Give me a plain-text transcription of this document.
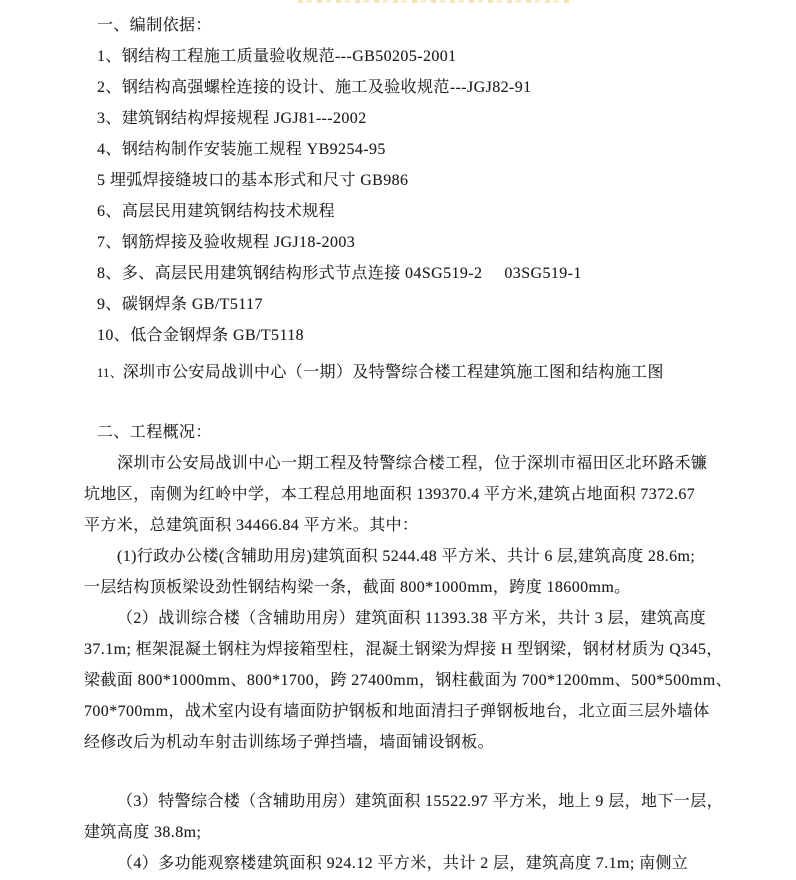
一、编制依据：
1、钢结构工程施工质量验收规范---GB50205-2001
2、钢结构高强螺栓连接的设计、施工及验收规范---JGJ82-91
3、建筑钢结构焊接规程 JGJ81---2002
4、钢结构制作安装施工规程 YB9254-95
5 埋弧焊接缝坡口的基本形式和尺寸 GB986
6、高层民用建筑钢结构技术规程
7、钢筋焊接及验收规程 JGJ18-2003
8、多、高层民用建筑钢结构形式节点连接 04SG519-2     03SG519-1
9、碳钢焊条 GB/T5117
10、低合金钢焊条 GB/T5118
11、深圳市公安局战训中心（一期）及特警综合楼工程建筑施工图和结构施工图
二、工程概况：
深圳市公安局战训中心一期工程及特警综合楼工程，位于深圳市福田区北环路禾镰
坑地区，南侧为红岭中学，本工程总用地面积 139370.4 平方米,建筑占地面积 7372.67
平方米，总建筑面积 34466.84 平方米。其中：
(1)行政办公楼(含辅助用房)建筑面积 5244.48 平方米、共计 6 层,建筑高度 28.6m;
一层结构顶板梁设劲性钢结构梁一条，截面 800*1000mm，跨度 18600mm。
（2）战训综合楼（含辅助用房）建筑面积 11393.38 平方米，共计 3 层，建筑高度
37.1m; 框架混凝土钢柱为焊接箱型柱，混凝土钢梁为焊接 H 型钢梁，钢材材质为 Q345，
梁截面 800*1000mm、800*1700，跨 27400mm，钢柱截面为 700*1200mm、500*500mm、
700*700mm，战术室内设有墙面防护钢板和地面清扫子弹钢板地台，北立面三层外墙体
经修改后为机动车射击训练场子弹挡墙，墙面铺设钢板。
（3）特警综合楼（含辅助用房）建筑面积 15522.97 平方米，地上 9 层，地下一层，
建筑高度 38.8m;
（4）多功能观察楼建筑面积 924.12 平方米，共计 2 层，建筑高度 7.1m; 南侧立
